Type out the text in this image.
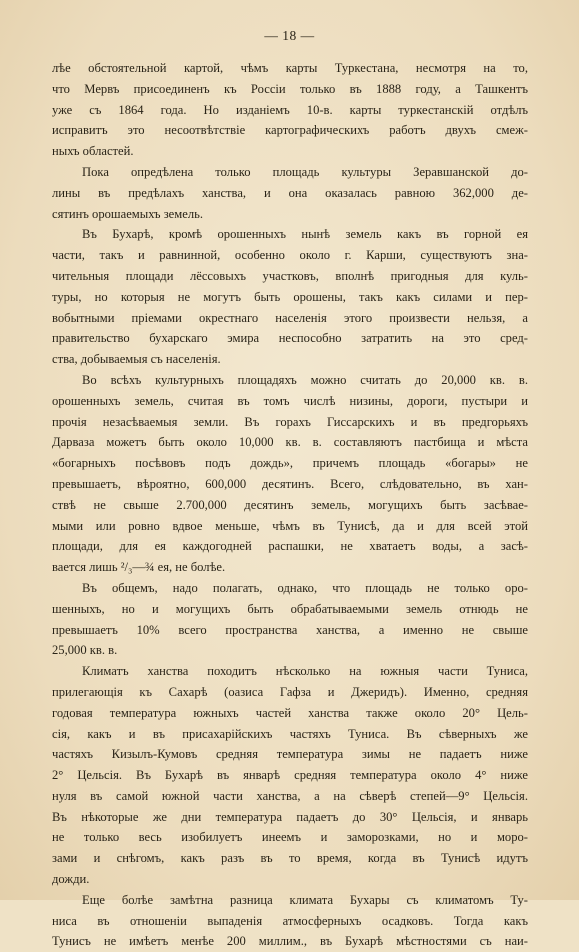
— 18 —
лѣе обстоятельной картой, чѣмъ карты Туркестана, несмотря на то,
что Мервъ присоединенъ къ Россiи только въ 1888 году, а Ташкентъ
уже съ 1864 года. Но изданiемъ 10-в. карты туркестанскiй отдѣлъ
исправитъ это несоотвѣтствiе картографическихъ работъ двухъ смеж-
ныхъ областей.
Пока опредѣлена только площадь культуры Зеравшанской до-
лины въ предѣлахъ ханства, и она оказалась равною 362,000 де-
сятинъ орошаемыхъ земель.
Въ Бухарѣ, кромѣ орошенныхъ нынѣ земель какъ въ горной ея
части, такъ и равнинной, особенно около г. Карши, существуютъ зна-
чительныя площади лёссовыхъ участковъ, вполнѣ пригодныя для куль-
туры, но которыя не могутъ быть орошены, такъ какъ силами и пер-
вобытными прiемами окрестнаго населенiя этого произвести нельзя, а
правительство бухарскаго эмира неспособно затратить на это сред-
ства, добываемыя съ населенiя.
Во всѣхъ культурныхъ площадяхъ можно считать до 20,000 кв. в.
орошенныхъ земель, считая въ томъ числѣ низины, дороги, пустыри и
прочiя незасѣваемыя земли. Въ горахъ Гиссарскихъ и въ предгорьяхъ
Дарваза можетъ быть около 10,000 кв. в. составляютъ пастбища и мѣста
«богарныхъ посѣвовъ подъ дождь», причемъ площадь «богары» не
превышаетъ, вѣроятно, 600,000 десятинъ. Всего, слѣдовательно, въ хан-
ствѣ не свыше 2.700,000 десятинъ земель, могущихъ быть засѣвае-
мыми или ровно вдвое меньше, чѣмъ въ Тунисѣ, да и для всей этой
площади, для ея каждогодней распашки, не хватаетъ воды, а засѣ-
вается лишь ²/₃—¾ ея, не болѣе.
Въ общемъ, надо полагать, однако, что площадь не только оро-
шенныхъ, но и могущихъ быть обрабатываемыми земель отнюдь не
превышаетъ 10% всего пространства ханства, а именно не свыше
25,000 кв. в.
Климатъ ханства походитъ нѣсколько на южныя части Туниса,
прилегающiя къ Сахарѣ (оазиса Гафза и Джеридъ). Именно, средняя
годовая температура южныхъ частей ханства также около 20° Цель-
сiя, какъ и въ присахарiйскихъ частяхъ Туниса. Въ сѣверныхъ же
частяхъ Кизылъ-Кумовъ средняя температура зимы не падаетъ ниже
2° Цельсiя. Въ Бухарѣ въ январѣ средняя температура около 4° ниже
нуля въ самой южной части ханства, а на сѣверѣ степей—9° Цельсiя.
Въ нѣкоторые же дни температура падаетъ до 30° Цельсiя, и январь
не только весь изобилуетъ инеемъ и заморозками, но и моро-
зами и снѣгомъ, какъ разъ въ то время, когда въ Тунисѣ идутъ
дожди.
Еще болѣе замѣтна разница климата Бухары съ климатомъ Ту-
ниса въ отношенiи выпаденiя атмосферныхъ осадковъ. Тогда какъ
Тунисъ не имѣетъ менѣе 200 миллим., въ Бухарѣ мѣстностями съ наи-
